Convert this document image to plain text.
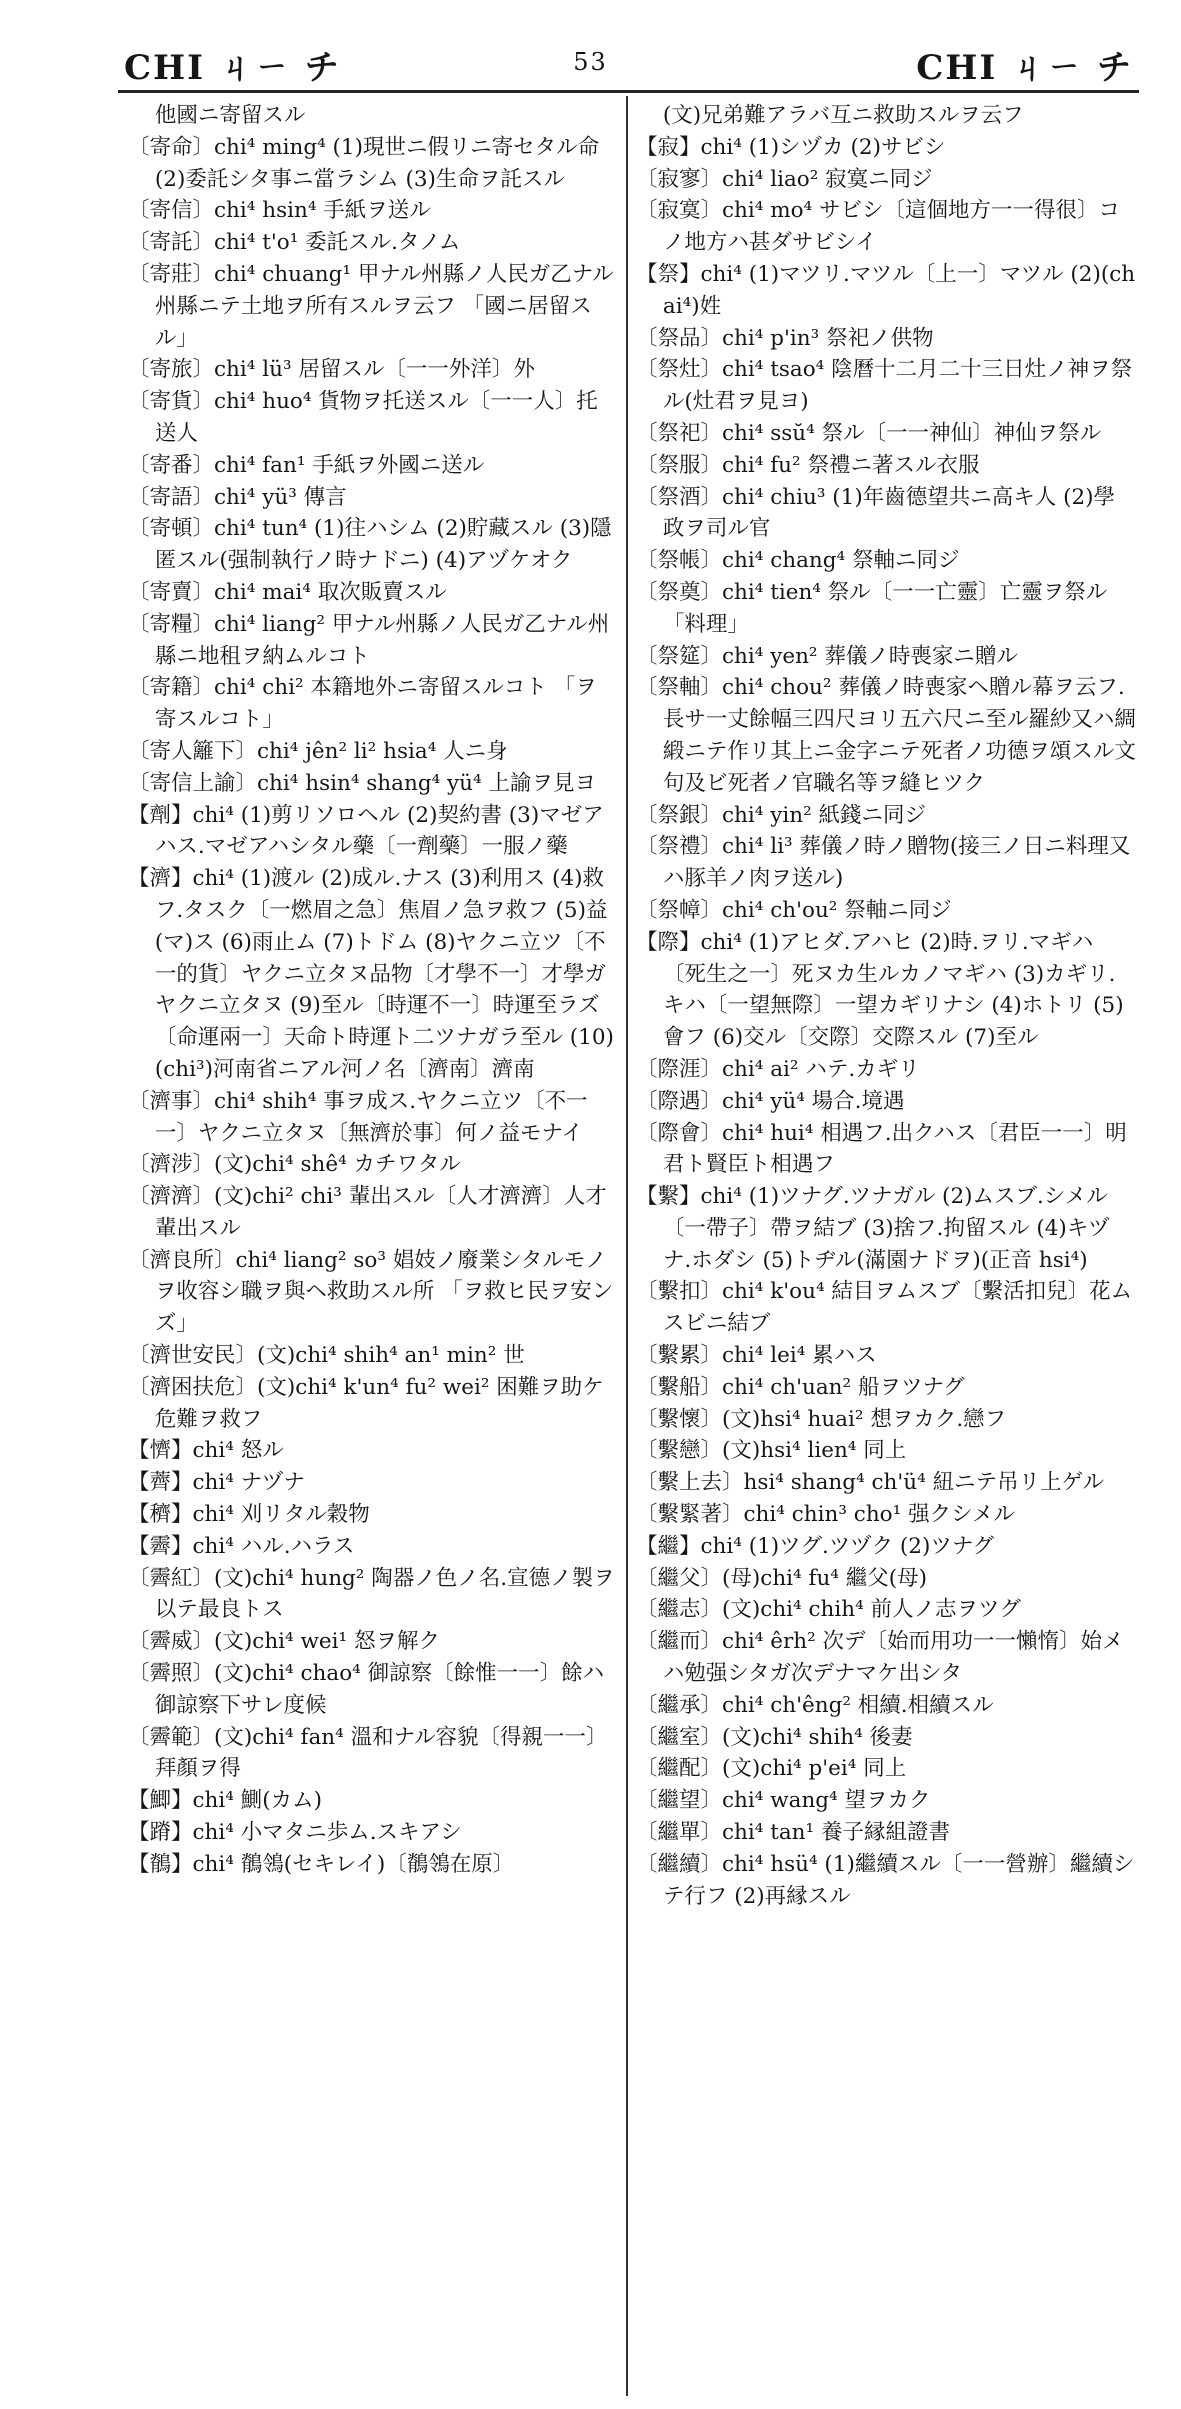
CHI ㄐㄧ チ	53	CHI ㄐㄧ チ

他國ニ寄留スル

〔寄命〕chi⁴ ming⁴ (1)現世ニ假リニ寄セタル命 (2)委託シタ事ニ當ラシム (3)生命ヲ託スル

〔寄信〕chi⁴ hsin⁴ 手紙ヲ送ル

〔寄託〕chi⁴ t'o¹ 委託スル.タノム

〔寄莊〕chi⁴ chuang¹ 甲ナル州縣ノ人民ガ乙ナル州縣ニテ土地ヲ所有スルヲ云フ 「國ニ居留スル」

〔寄旅〕chi⁴ lü³ 居留スル〔一一外洋〕外

〔寄貨〕chi⁴ huo⁴ 貨物ヲ托送スル〔一一人〕托送人

〔寄番〕chi⁴ fan¹ 手紙ヲ外國ニ送ル

〔寄語〕chi⁴ yü³ 傳言

〔寄頓〕chi⁴ tun⁴ (1)往ハシム (2)貯藏スル (3)隱匿スル(强制執行ノ時ナドニ) (4)アヅケオク

〔寄賣〕chi⁴ mai⁴ 取次販賣スル

〔寄糧〕chi⁴ liang² 甲ナル州縣ノ人民ガ乙ナル州縣ニ地租ヲ納ムルコト

〔寄籍〕chi⁴ chi² 本籍地外ニ寄留スルコト 「ヲ寄スルコト」

〔寄人籬下〕chi⁴ jên² li² hsia⁴ 人ニ身

〔寄信上諭〕chi⁴ hsin⁴ shang⁴ yü⁴ 上諭ヲ見ヨ

【劑】chi⁴ (1)剪リソロヘル (2)契約書 (3)マゼアハス.マゼアハシタル藥〔一劑藥〕一服ノ藥

【濟】chi⁴ (1)渡ル (2)成ル.ナス (3)利用ス (4)救フ.タスク〔一燃眉之急〕焦眉ノ急ヲ救フ (5)益(マ)ス (6)雨止ム (7)トドム (8)ヤクニ立ツ〔不一的貨〕ヤクニ立タヌ品物〔才學不一〕才學ガヤクニ立タヌ (9)至ル〔時運不一〕時運至ラズ〔命運兩一〕天命ト時運ト二ツナガラ至ル (10)(chi³)河南省ニアル河ノ名〔濟南〕濟南

〔濟事〕chi⁴ shih⁴ 事ヲ成ス.ヤクニ立ツ〔不一一〕ヤクニ立タヌ〔無濟於事〕何ノ益モナイ

〔濟涉〕(文)chi⁴ shê⁴ カチワタル

〔濟濟〕(文)chi² chi³ 輩出スル〔人才濟濟〕人才輩出スル

〔濟良所〕chi⁴ liang² so³ 娼妓ノ廢業シタルモノヲ收容シ職ヲ與ヘ救助スル所 「ヲ救ヒ民ヲ安ンズ」

〔濟世安民〕(文)chi⁴ shih⁴ an¹ min² 世

〔濟困扶危〕(文)chi⁴ k'un⁴ fu² wei² 困難ヲ助ケ危難ヲ救フ

【懠】chi⁴ 怒ル

【薺】chi⁴ ナヅナ

【穧】chi⁴ 刈リタル穀物

【霽】chi⁴ ハル.ハラス

〔霽紅〕(文)chi⁴ hung² 陶器ノ色ノ名.宣德ノ製ヲ以テ最良トス

〔霽威〕(文)chi⁴ wei¹ 怒ヲ解ク

〔霽照〕(文)chi⁴ chao⁴ 御諒察〔餘惟一一〕餘ハ御諒察下サレ度候

〔霽範〕(文)chi⁴ fan⁴ 溫和ナル容貌〔得親一一〕拜顏ヲ得

【鯽】chi⁴ 鰂(カム)

【蹐】chi⁴ 小マタニ歩ム.スキアシ

【鶺】chi⁴ 鶺鴒(セキレイ)〔鶺鴒在原〕

(文)兄弟難アラバ互ニ救助スルヲ云フ

【寂】chi⁴ (1)シヅカ (2)サビシ

〔寂寥〕chi⁴ liao² 寂寞ニ同ジ

〔寂寞〕chi⁴ mo⁴ サビシ〔這個地方一一得很〕コノ地方ハ甚ダサビシイ

【祭】chi⁴ (1)マツリ.マツル〔上一〕マツル (2)(chai⁴)姓

〔祭品〕chi⁴ p'in³ 祭祀ノ供物

〔祭灶〕chi⁴ tsao⁴ 陰曆十二月二十三日灶ノ神ヲ祭ル(灶君ヲ見ヨ)

〔祭祀〕chi⁴ ssŭ⁴ 祭ル〔一一神仙〕神仙ヲ祭ル

〔祭服〕chi⁴ fu² 祭禮ニ著スル衣服

〔祭酒〕chi⁴ chiu³ (1)年齒德望共ニ高キ人 (2)學政ヲ司ル官

〔祭帳〕chi⁴ chang⁴ 祭軸ニ同ジ

〔祭奠〕chi⁴ tien⁴ 祭ル〔一一亡靈〕亡靈ヲ祭ル 「料理」

〔祭筵〕chi⁴ yen² 葬儀ノ時喪家ニ贈ル

〔祭軸〕chi⁴ chou² 葬儀ノ時喪家ヘ贈ル幕ヲ云フ.長サ一丈餘幅三四尺ヨリ五六尺ニ至ル羅紗又ハ綢緞ニテ作リ其上ニ金字ニテ死者ノ功德ヲ頌スル文句及ビ死者ノ官職名等ヲ縫ヒツク

〔祭銀〕chi⁴ yin² 紙錢ニ同ジ

〔祭禮〕chi⁴ li³ 葬儀ノ時ノ贈物(接三ノ日ニ料理又ハ豚羊ノ肉ヲ送ル)

〔祭幛〕chi⁴ ch'ou² 祭軸ニ同ジ

【際】chi⁴ (1)アヒダ.アハヒ (2)時.ヲリ.マギハ〔死生之一〕死ヌカ生ルカノマギハ (3)カギリ.キハ〔一望無際〕一望カギリナシ (4)ホトリ (5)會フ (6)交ル〔交際〕交際スル (7)至ル

〔際涯〕chi⁴ ai² ハテ.カギリ

〔際遇〕chi⁴ yü⁴ 場合.境遇

〔際會〕chi⁴ hui⁴ 相遇フ.出クハス〔君臣一一〕明君ト賢臣ト相遇フ

【繫】chi⁴ (1)ツナグ.ツナガル (2)ムスブ.シメル〔一帶子〕帶ヲ結ブ (3)捨フ.拘留スル (4)キヅナ.ホダシ (5)トヂル(滿園ナドヲ)(正音 hsi⁴)

〔繫扣〕chi⁴ k'ou⁴ 結目ヲムスブ〔繫活扣兒〕花ムスビニ結ブ

〔繫累〕chi⁴ lei⁴ 累ハス

〔繫船〕chi⁴ ch'uan² 船ヲツナグ

〔繫懷〕(文)hsi⁴ huai² 想ヲカク.戀フ

〔繫戀〕(文)hsi⁴ lien⁴ 同上

〔繫上去〕hsi⁴ shang⁴ ch'ü⁴ 紐ニテ吊リ上ゲル

〔繫緊著〕chi⁴ chin³ cho¹ 强クシメル

【繼】chi⁴ (1)ツグ.ツヅク (2)ツナグ

〔繼父〕(母)chi⁴ fu⁴ 繼父(母)

〔繼志〕(文)chi⁴ chih⁴ 前人ノ志ヲツグ

〔繼而〕chi⁴ êrh² 次デ〔始而用功一一懶惰〕始メハ勉强シタガ次デナマケ出シタ

〔繼承〕chi⁴ ch'êng² 相續.相續スル

〔繼室〕(文)chi⁴ shih⁴ 後妻

〔繼配〕(文)chi⁴ p'ei⁴ 同上

〔繼望〕chi⁴ wang⁴ 望ヲカク

〔繼單〕chi⁴ tan¹ 養子縁組證書

〔繼續〕chi⁴ hsü⁴ (1)繼續スル〔一一營辦〕繼續シテ行フ (2)再縁スル
